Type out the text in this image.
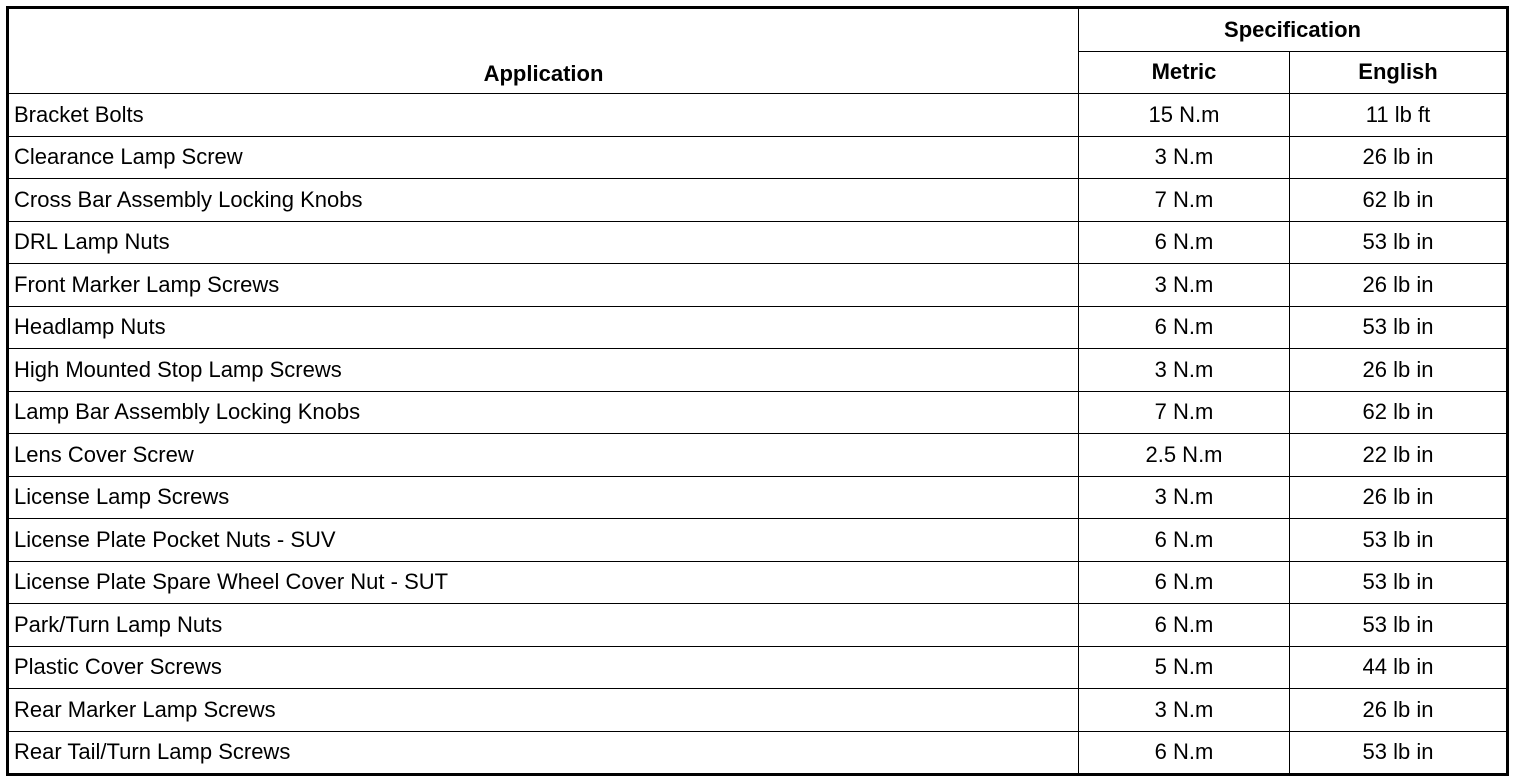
Application	Specification	
	Metric	English
Bracket Bolts	15 N.m	11 lb ft
Clearance Lamp Screw	3 N.m	26 lb in
Cross Bar Assembly Locking Knobs	7 N.m	62 lb in
DRL Lamp Nuts	6 N.m	53 lb in
Front Marker Lamp Screws	3 N.m	26 lb in
Headlamp Nuts	6 N.m	53 lb in
High Mounted Stop Lamp Screws	3 N.m	26 lb in
Lamp Bar Assembly Locking Knobs	7 N.m	62 lb in
Lens Cover Screw	2.5 N.m	22 lb in
License Lamp Screws	3 N.m	26 lb in
License Plate Pocket Nuts - SUV	6 N.m	53 lb in
License Plate Spare Wheel Cover Nut - SUT	6 N.m	53 lb in
Park/Turn Lamp Nuts	6 N.m	53 lb in
Plastic Cover Screws	5 N.m	44 lb in
Rear Marker Lamp Screws	3 N.m	26 lb in
Rear Tail/Turn Lamp Screws	6 N.m	53 lb in
